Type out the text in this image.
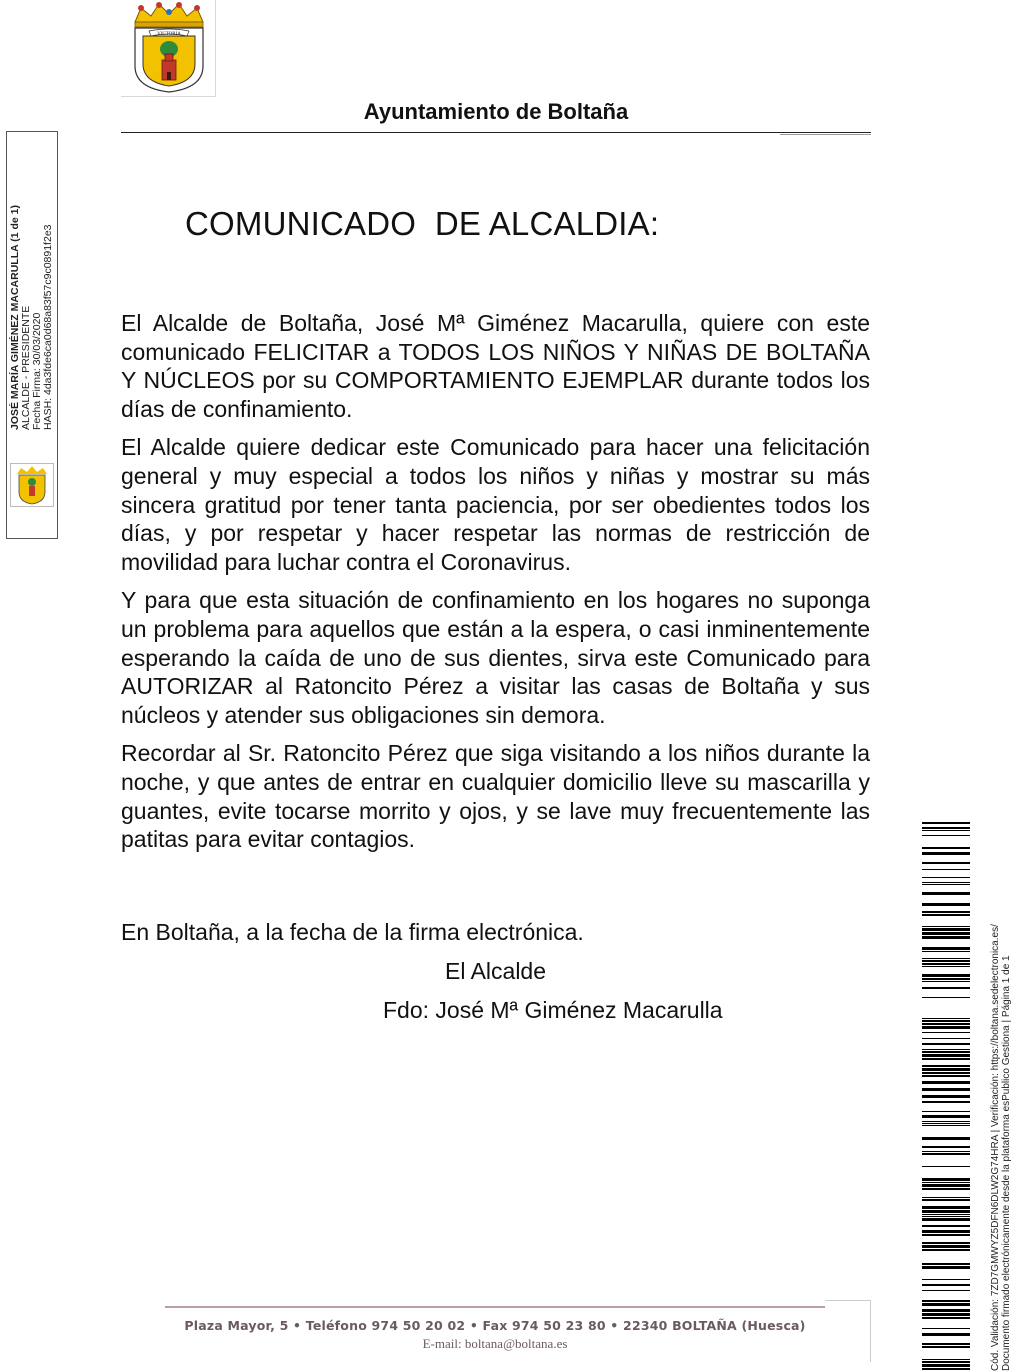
VICTORIA
Ayuntamiento de Boltaña
COMUNICADO  DE ALCALDIA:

El Alcalde de Boltaña, José Mª Giménez Macarulla, quiere con este comunicado FELICITAR a TODOS LOS NIÑOS Y NIÑAS DE BOLTAÑA Y NÚCLEOS por su COMPORTAMIENTO EJEMPLAR durante todos los días de confinamiento.

El Alcalde quiere dedicar este Comunicado para hacer una felicitación general y muy especial a todos los niños y niñas y mostrar su más sincera gratitud por tener tanta paciencia, por ser obedientes todos los días, y por respetar y hacer respetar las normas de restricción de movilidad para luchar contra el Coronavirus.

Y para que esta situación de confinamiento en los hogares no suponga un problema para aquellos que están a la espera, o casi inminentemente esperando la caída de uno de sus dientes, sirva este Comunicado para AUTORIZAR al Ratoncito Pérez a visitar las casas de Boltaña y sus núcleos y atender sus obligaciones sin demora.

Recordar al Sr. Ratoncito Pérez que siga visitando a los niños durante la noche, y que antes de entrar en cualquier domicilio lleve su mascarilla y guantes, evite tocarse morrito y ojos, y se lave muy frecuentemente las patitas para evitar contagios.

En Boltaña, a la fecha de la firma electrónica.
El Alcalde
Fdo: José Mª Giménez Macarulla
JOSÉ MARÍA GIMÉNEZ MACARULLA (1 de 1) ALCALDE - PRESIDENTE Fecha Firma: 30/03/2020 HASH: 4da3fde6ca0d68a83f57c9c0891f2e3
Cód. Validación: 7ZD7GMWYZ5DFN6DLW2G74HRA | Verificación: https://boltana.sedelectronica.es/ Documento firmado electrónicamente desde la plataforma esPublico Gestiona | Página 1 de 1
Plaza Mayor, 5 • Teléfono 974 50 20 02 • Fax 974 50 23 80 • 22340 BOLTAÑA (Huesca)
E-mail: boltana@boltana.es
